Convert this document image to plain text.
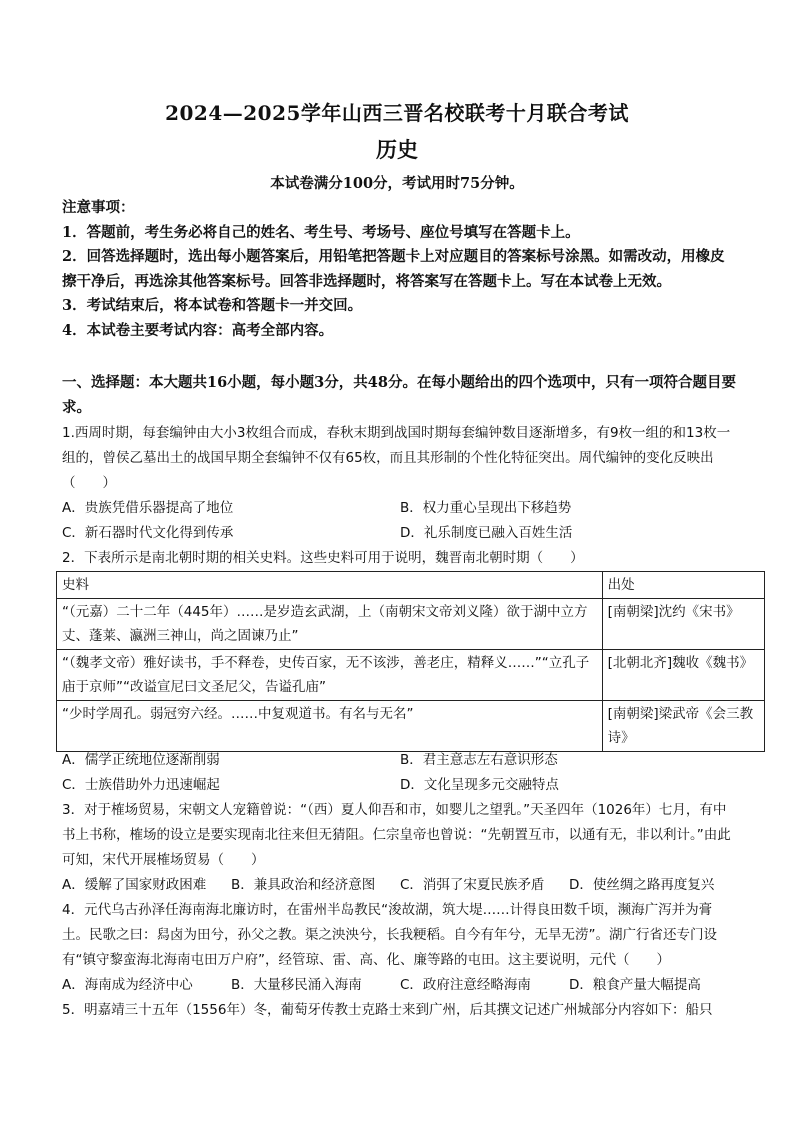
2024—2025学年山西三晋名校联考十月联合考试
历史
本试卷满分100分，考试用时75分钟。

注意事项：

1．答题前，考生务必将自己的姓名、考生号、考场号、座位号填写在答题卡上。

2．回答选择题时，选出每小题答案后，用铅笔把答题卡上对应题目的答案标号涂黑。如需改动，用橡皮擦干净后，再选涂其他答案标号。回答非选择题时，将答案写在答题卡上。写在本试卷上无效。

3．考试结束后，将本试卷和答题卡一并交回。

4．本试卷主要考试内容：高考全部内容。

一、选择题：本大题共16小题，每小题3分，共48分。在每小题给出的四个选项中，只有一项符合题目要求。
1.西周时期，每套编钟由大小3枚组合而成，春秋末期到战国时期每套编钟数目逐渐增多，有9枚一组的和13枚一组的，曾侯乙墓出土的战国早期全套编钟不仅有65枚，而且其形制的个性化特征突出。周代编钟的变化反映出（　　）
A．贵族凭借乐器提高了地位	B．权力重心呈现出下移趋势
C．新石器时代文化得到传承	D．礼乐制度已融入百姓生活
2．下表所示是南北朝时期的相关史料。这些史料可用于说明，魏晋南北朝时期（　　）
史料	出处
“（元嘉）二十二年（445年）……是岁造玄武湖，上（南朝宋文帝刘义隆）欲于湖中立方丈、蓬莱、瀛洲三神山，尚之固谏乃止”	[南朝梁]沈约《宋书》
“（魏孝文帝）雅好读书，手不释卷，史传百家，无不该涉，善老庄，精释义……”“立孔子庙于京师”“改谥宣尼曰文圣尼父，告谥孔庙”	[北朝北齐]魏收《魏书》
“少时学周孔。弱冠穷六经。……中复观道书。有名与无名”	[南朝梁]梁武帝《会三教诗》
A．儒学正统地位逐渐削弱	B．君主意志左右意识形态
C．士族借助外力迅速崛起	D．文化呈现多元交融特点
3．对于榷场贸易，宋朝文人宠籍曾说：“（西）夏人仰吾和市，如婴儿之望乳。”天圣四年（1026年）七月，有中书上书称，榷场的设立是要实现南北往来但无猜阻。仁宗皇帝也曾说：“先朝置互市，以通有无，非以利计。”由此可知，宋代开展榷场贸易（　　）
A．缓解了国家财政困难	B．兼具政治和经济意图	C．消弭了宋夏民族矛盾	D．使丝绸之路再度复兴
4．元代乌古孙泽任海南海北廉访时，在雷州半岛教民“浚故湖，筑大堤……计得良田数千顷，濒海广泻并为膏土。民歌之曰：舄卤为田兮，孙父之教。渠之泱泱兮，长我粳稻。自今有年兮，无旱无涝”。湖广行省还专门设有“镇守黎蛮海北海南屯田万户府”，经管琼、雷、高、化、廉等路的屯田。这主要说明，元代（　　）
A．海南成为经济中心	B．大量移民涌入海南	C．政府注意经略海南	D．粮食产量大幅提高
5．明嘉靖三十五年（1556年）冬，葡萄牙传教士克路士来到广州，后其撰文记述广州城部分内容如下：船只
